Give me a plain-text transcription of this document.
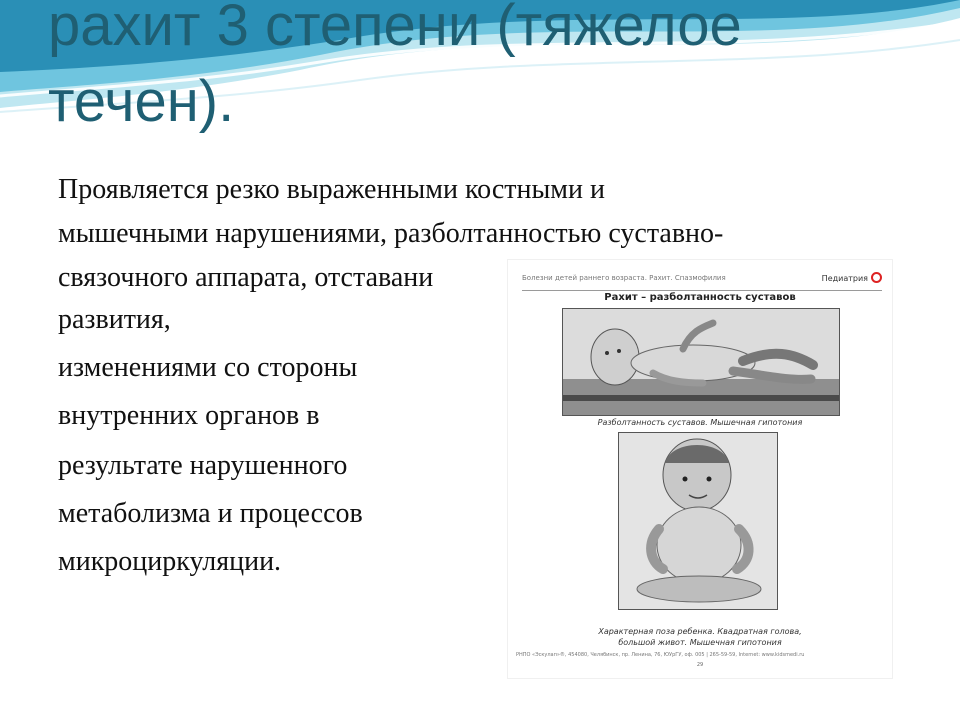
рахит 3 степени (тяжелое
течен).
Проявляется резко выраженными костными и
мышечными нарушениями, разболтанностью суставно-
связочного аппарата, отставани
развития,
изменениями со стороны
внутренних органов в
результате нарушенного
метаболизма и процессов
микроциркуляции.
Болезни детей раннего возраста. Рахит. Спазмофилия	Педиатрия
Рахит – разболтанность суставов
Разболтанность суставов. Мышечная гипотония
Характерная поза ребенка. Квадратная голова,
большой живот. Мышечная гипотония
РНПО «Эскулап»®, 454080, Челябинск, пр. Ленина, 76, ЮУрГУ, оф. 005 | 265-59-59, Internet: www.kidsmedi.ru
29
